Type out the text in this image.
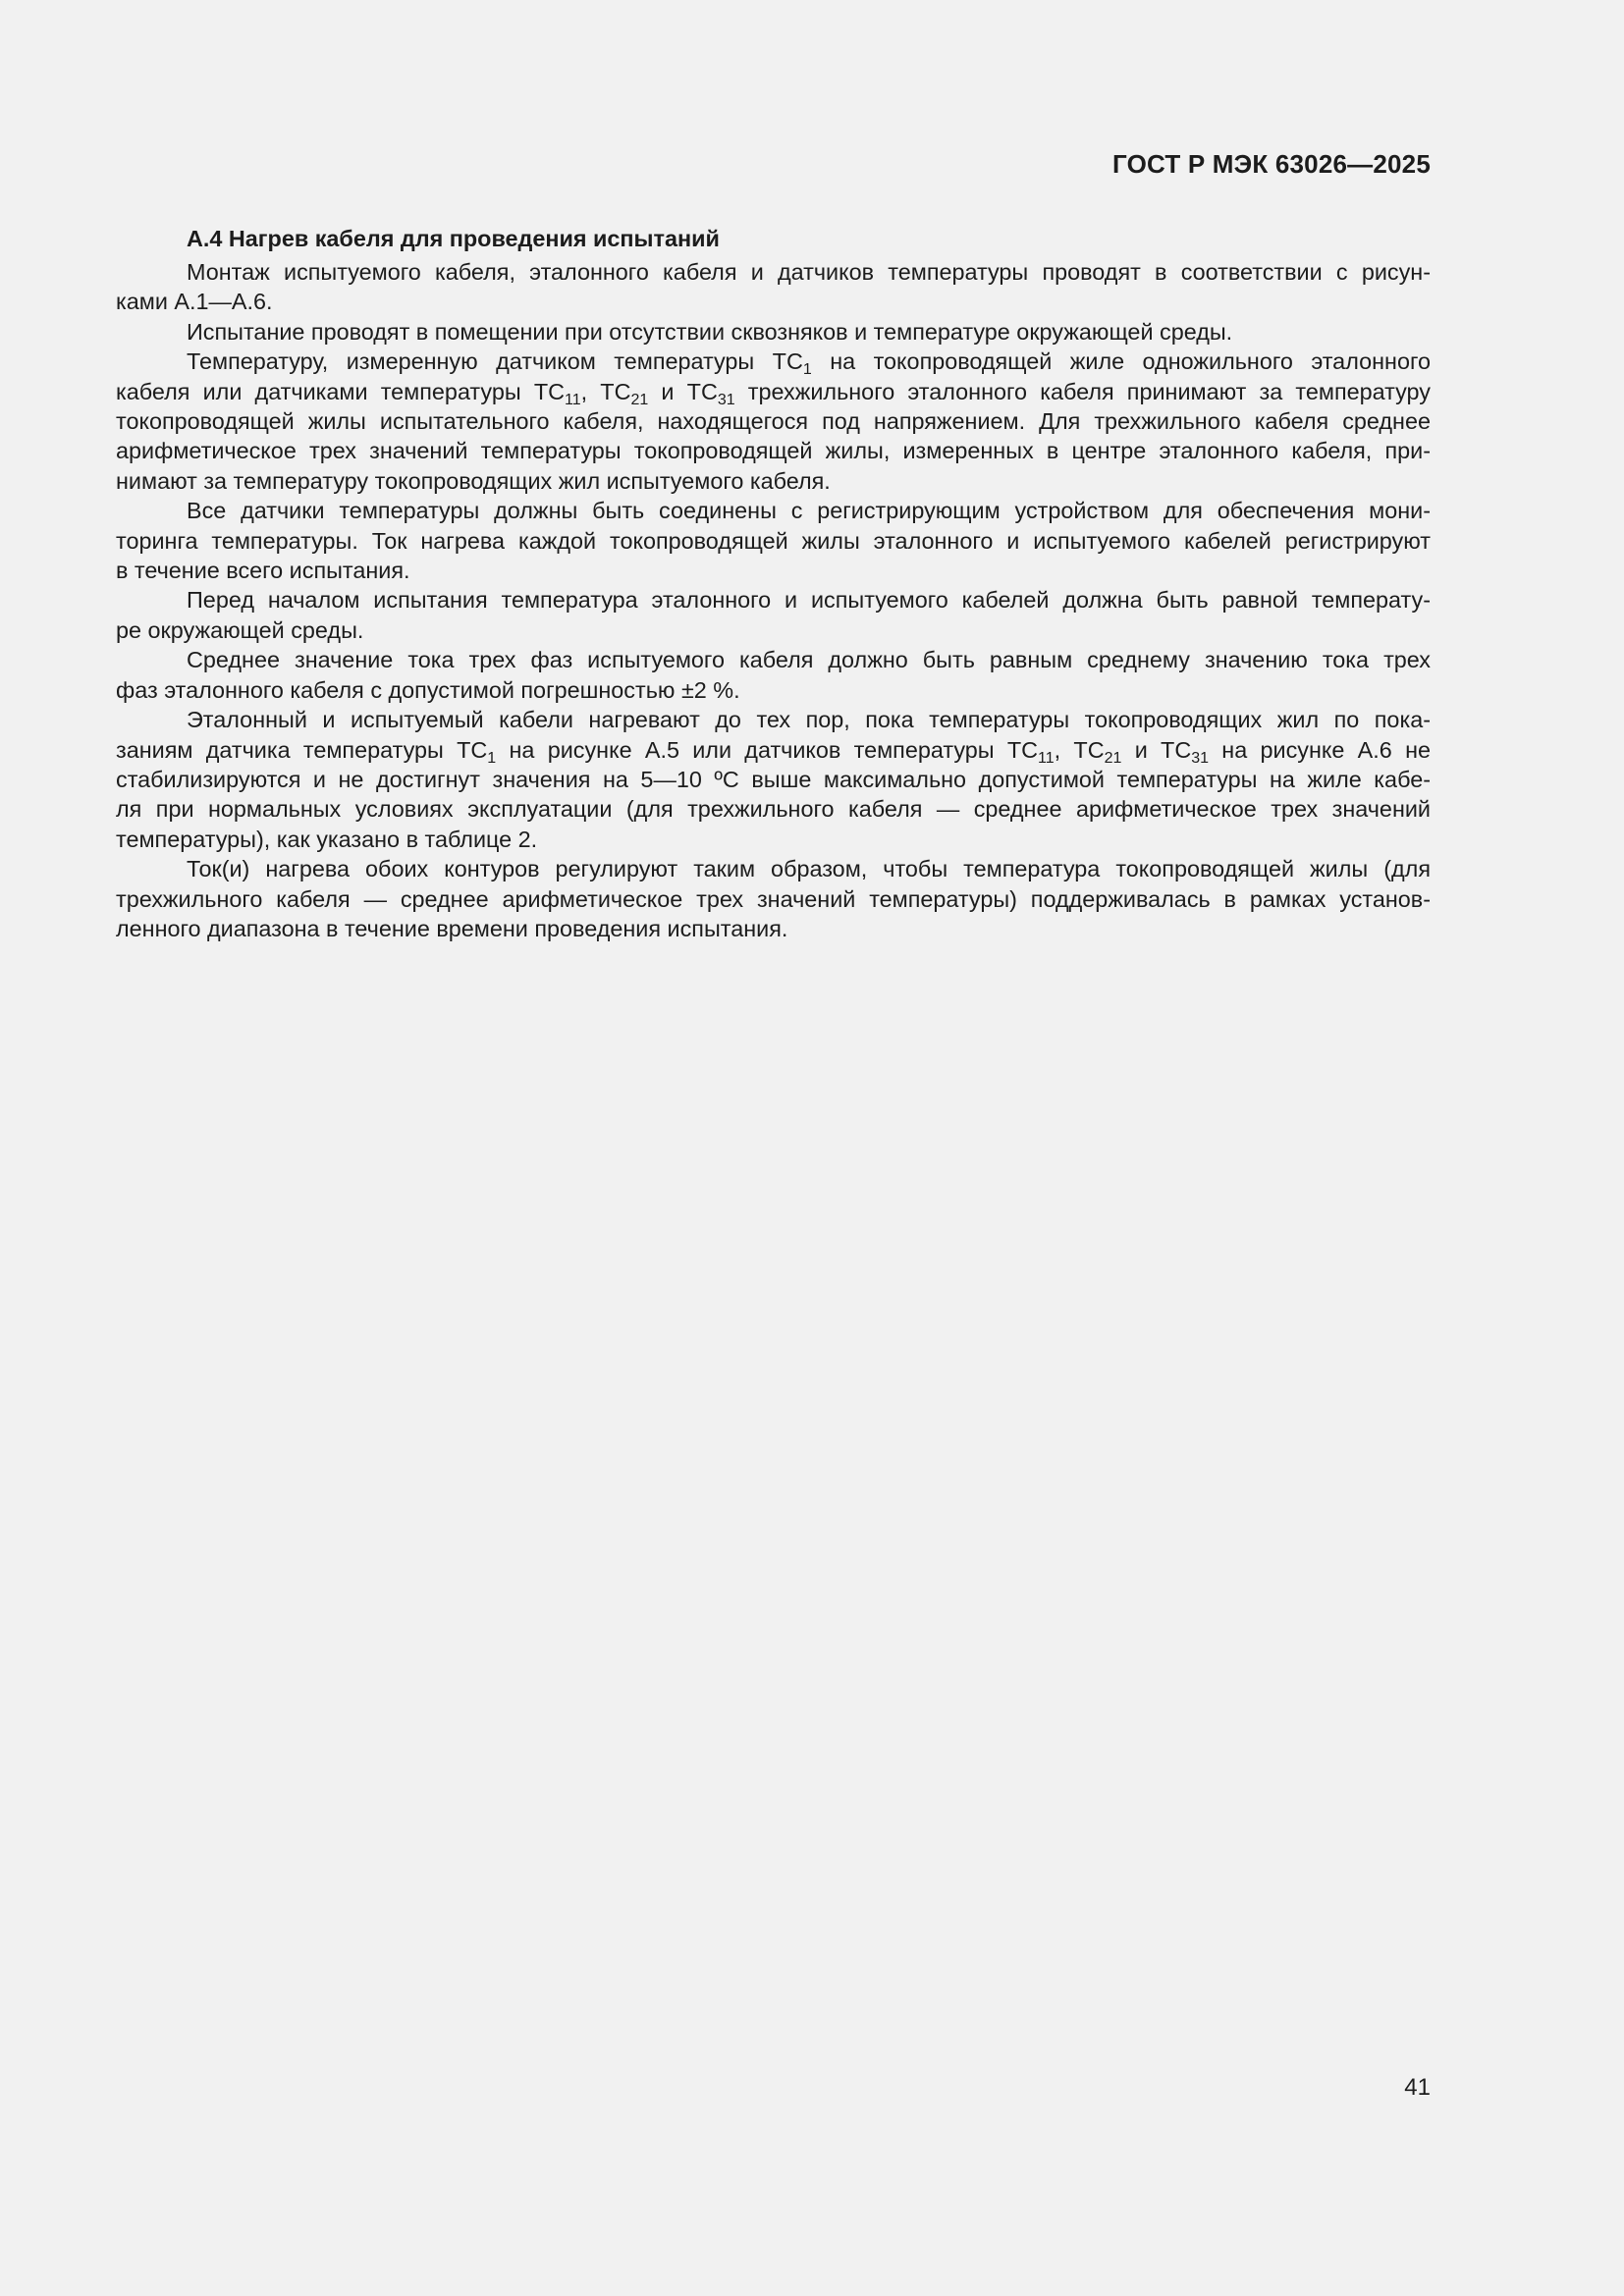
ГОСТ Р МЭК 63026—2025
А.4 Нагрев кабеля для проведения испытаний
Монтаж испытуемого кабеля, эталонного кабеля и датчиков температуры проводят в соответствии с рисун-
ками А.1—А.6.
Испытание проводят в помещении при отсутствии сквозняков и температуре окружающей среды.
Температуру, измеренную датчиком температуры $ТС_1$ на токопроводящей жиле одножильного эталонного
кабеля или датчиками температуры $ТС_{11}$, $ТС_{21}$ и $ТС_{31}$ трехжильного эталонного кабеля принимают за температуру
токопроводящей жилы испытательного кабеля, находящегося под напряжением. Для трехжильного кабеля среднее
арифметическое трех значений температуры токопроводящей жилы, измеренных в центре эталонного кабеля, при-
нимают за температуру токопроводящих жил испытуемого кабеля.
Все датчики температуры должны быть соединены с регистрирующим устройством для обеспечения мони-
торинга температуры. Ток нагрева каждой токопроводящей жилы эталонного и испытуемого кабелей регистрируют
в течение всего испытания.
Перед началом испытания температура эталонного и испытуемого кабелей должна быть равной температу-
ре окружающей среды.
Среднее значение тока трех фаз испытуемого кабеля должно быть равным среднему значению тока трех
фаз эталонного кабеля с допустимой погрешностью ±2 %.
Эталонный и испытуемый кабели нагревают до тех пор, пока температуры токопроводящих жил по пока-
заниям датчика температуры $ТС_1$ на рисунке А.5 или датчиков температуры $ТС_{11}$, $ТС_{21}$ и $ТС_{31}$ на рисунке А.6 не
стабилизируются и не достигнут значения на 5—10 ºС выше максимально допустимой температуры на жиле кабе-
ля при нормальных условиях эксплуатации (для трехжильного кабеля — среднее арифметическое трех значений
температуры), как указано в таблице 2.
Ток(и) нагрева обоих контуров регулируют таким образом, чтобы температура токопроводящей жилы (для
трехжильного кабеля — среднее арифметическое трех значений температуры) поддерживалась в рамках установ-
ленного диапазона в течение времени проведения испытания.
41
